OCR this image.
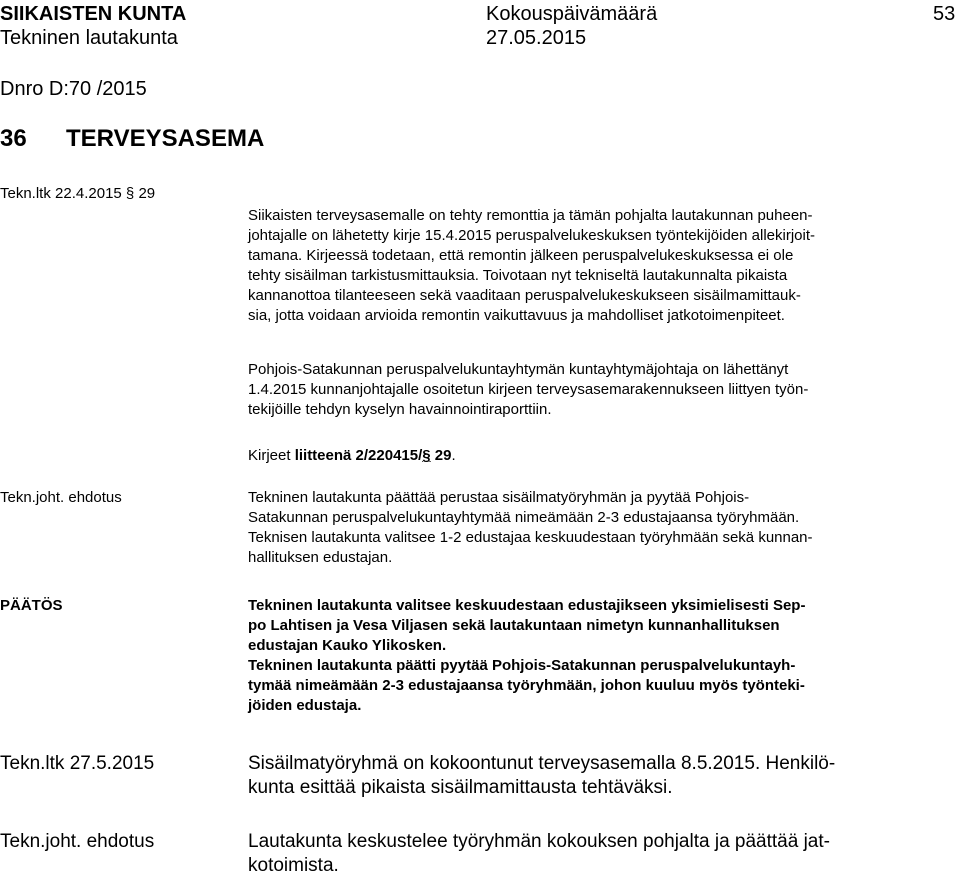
SIIKAISTEN KUNTA
Tekninen lautakunta
Kokouspäivämäärä
27.05.2015
53
Dnro D:70 /2015
36 TERVEYSASEMA
Tekn.ltk 22.4.2015 § 29

Siikaisten terveysasemalle on tehty remonttia ja tämän pohjalta lautakunnan puheen-

johtajalle on lähetetty kirje 15.4.2015 peruspalvelukeskuksen työntekijöiden allekirjoit-

tamana. Kirjeessä todetaan, että remontin jälkeen peruspalvelukeskuksessa ei ole

tehty sisäilman tarkistusmittauksia. Toivotaan nyt tekniseltä lautakunnalta pikaista

kannanottoa tilanteeseen sekä vaaditaan peruspalvelukeskukseen sisäilmamittauk-

sia, jotta voidaan arvioida remontin vaikuttavuus ja mahdolliset jatkotoimenpiteet.

Pohjois-Satakunnan peruspalvelukuntayhtymän kuntayhtymäjohtaja on lähettänyt

1.4.2015 kunnanjohtajalle osoitetun kirjeen terveysasemarakennukseen liittyen työn-

tekijöille tehdyn kyselyn havainnointiraporttiin.

Kirjeet liitteenä 2/220415/§ 29.

Tekn.joht. ehdotus	Tekninen lautakunta päättää perustaa sisäilmatyöryhmän ja pyytää Pohjois-

Satakunnan peruspalvelukuntayhtymää nimeämään 2-3 edustajaansa työryhmään.

Teknisen lautakunta valitsee 1-2 edustajaa keskuudestaan työryhmään sekä kunnan-

hallituksen edustajan.

PÄÄTÖS	Tekninen lautakunta valitsee keskuudestaan edustajikseen yksimielisesti Sep-

po Lahtisen ja Vesa Viljasen sekä lautakuntaan nimetyn kunnanhallituksen

edustajan Kauko Ylikosken.

Tekninen lautakunta päätti pyytää Pohjois-Satakunnan peruspalvelukuntayh-

tymää nimeämään 2-3 edustajaansa työryhmään, johon kuuluu myös työnteki-

jöiden edustaja.

Tekn.ltk 27.5.2015	Sisäilmatyöryhmä on kokoontunut terveysasemalla 8.5.2015. Henkilö-

kunta esittää pikaista sisäilmamittausta tehtäväksi.

Tekn.joht. ehdotus	Lautakunta keskustelee työryhmän kokouksen pohjalta ja päättää jat-

kotoimista.
